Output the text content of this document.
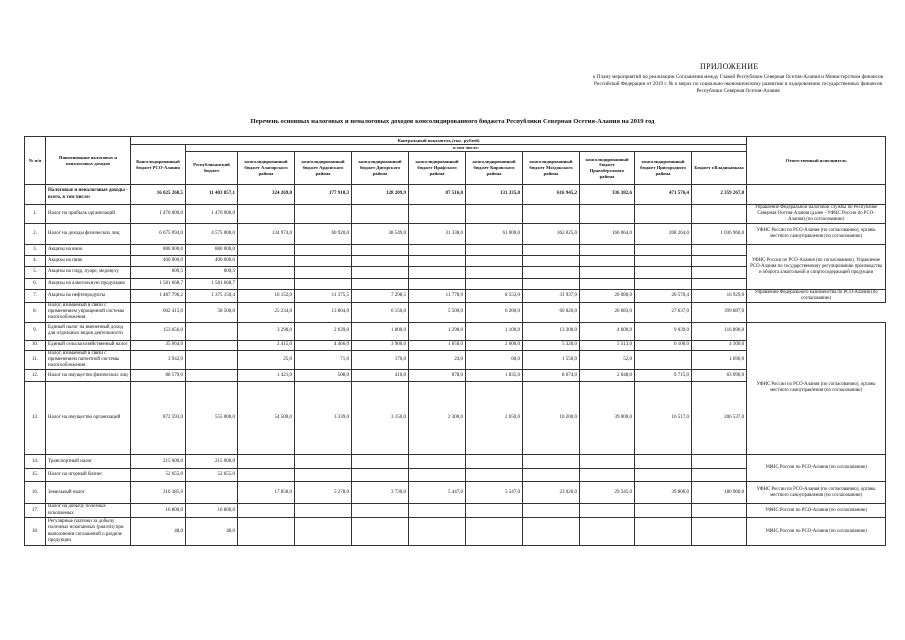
ПРИЛОЖЕНИЕ
к Плану мероприятий по реализации Соглашения между Главой Республики Северная Осетия-Алания и Министерством финансов Российской Федерации от 2019 г. № о мерах по социально-экономическому развитию и оздоровлению государственных финансов Республики Северная Осетия-Алания
Перечень основных налоговых и неналоговых доходов консолидированного бюджета Республики Северная Осетия-Алания на 2019 год
№ п/п	Наименование налоговых и неналоговых доходов	Контрольный показатель (тыс. рублей)											Ответственный исполнитель	
		Консолидированный бюджет РСО-Алания	в том числе:											
			Республиканский бюджет	консолидированный бюджет Алагирского района	консолидированный бюджет Ардонского района	консолидированный бюджет Дигорского района	консолидированный бюджет Ирафского района	консолидированный бюджет Кировского района	консолидированный бюджет Моздокского района	консолидированный бюджет Правобережного района	консолидированный бюджет Пригородного района	Бюджет г.Владикавказа		
	Налоговые и неналоговые доходы - всего, в том числе:	16 025 268,5	11 403 857,1	324 269,0	177 910,3	128 209,9	87 516,0	131 335,0	616 945,2	336 382,6	471 576,4	2 359 267,0		
1.	Налог на прибыль организаций	1 470 000,0	1 470 000,0										Управление Федеральной налоговой службы по Республике Северная Осетия-Алания (далее - УФНС России по РСО-Алания) (по согласованию)	
2.	Налог на доходы физических лиц	6 675 094,0	4 575 000,0	134 974,0	60 920,0	38 549,0	31 338,0	61 000,0	362 025,0	166 064,0	208 264,0	1 036 960,0	УФНС России по РСО-Алания (по согласованию), органы местного самоуправления (по согласованию)	
3.	Акцизы на вино	880 000,0	880 000,0										УФНС России по РСО-Алания (по согласованию), Управление РСО-Алания по государственному регулированию производства и оборота алкогольной и спиртосодержащей продукции	
4.	Акцизы на пиво	400 000,0	400 000,0											
5.	Акцизы на сидр, пуаре, медовуху	609,5	609,5											
6.	Акцизы на алкогольную продукцию	1 581 668,7	1 581 668,7											
7.	Акцизы на нефтепродукты	1 487 796,2	1 375 150,4	16 152,0	11 375,5	7 298,5	11 778,9	8 553,0	31 937,9	20 080,0	20 570,4	16 929,0	Управление Федерального казначейства по РСО-Алания (по согласованию)	
8.	Налог, взимаемый в связи с применением упрощенной системы налогообложения	602 415,0	58 500,0	25 234,0	13 804,0	6 150,0	5 500,0	6 200,0	60 820,0	26 683,0	27 637,0	399 887,0		
9.	Единый налог на вмененный доход для отдельных видов деятельности	153 656,0		3 290,0	2 639,0	1 800,0	1 298,0	1 100,0	13 300,0	4 600,0	9 039,0	116 890,0	УФНС России по РСО-Алания (по согласованию), органы местного самоуправления (по согласованию)	
10.	Единый сельскохозяйственный налог	35 064,0		2 415,0	4 466,0	3 900,0	1 650,0	2 000,0	5 320,0	5 313,0	6 100,0	4 300,0		
11.	Налог, взимаемый в связи с применением патентной системы налогообложения	3 942,0		25,0	71,0	170,0	24,0	60,0	1 550,0	52,0		1 690,0		
12.	Налог на имущество физических лиц	88 579,0		1 421,0	508,0	410,0	878,0	1 835,0	8 674,0	2 048,0	9 715,0	63 090,0		
13.	Налог на имущество организаций	872 593,0	555 000,0	54 500,0	3 339,0	3 150,0	2 300,0	2 050,0	10 200,0	39 000,0	16 517,0	206 537,0	
14.	Транспортный налог	215 000,0	215 000,0										УФНС России по РСО-Алания (по согласованию)	
15.	Налог на игорный бизнес	52 655,0	52 655,0											
16.	Земельный налог	310 385,0		17 858,0	5 278,0	3 730,0	5 447,0	5 547,0	23 020,0	29 345,0	39 800,0	180 900,0	УФНС России по РСО-Алания (по согласованию), органы местного самоуправления (по согласованию)	
17.	Налог на добычу полезных ископаемых	16 800,0	16 800,0										УФНС России по РСО-Алания (по согласованию)	
18.	Регулярные платежи за добычу полезных ископаемых (роялти) при выполнении соглашений о разделе продукции	48,0	48,0										УФНС России по РСО-Алания (по согласованию)	
